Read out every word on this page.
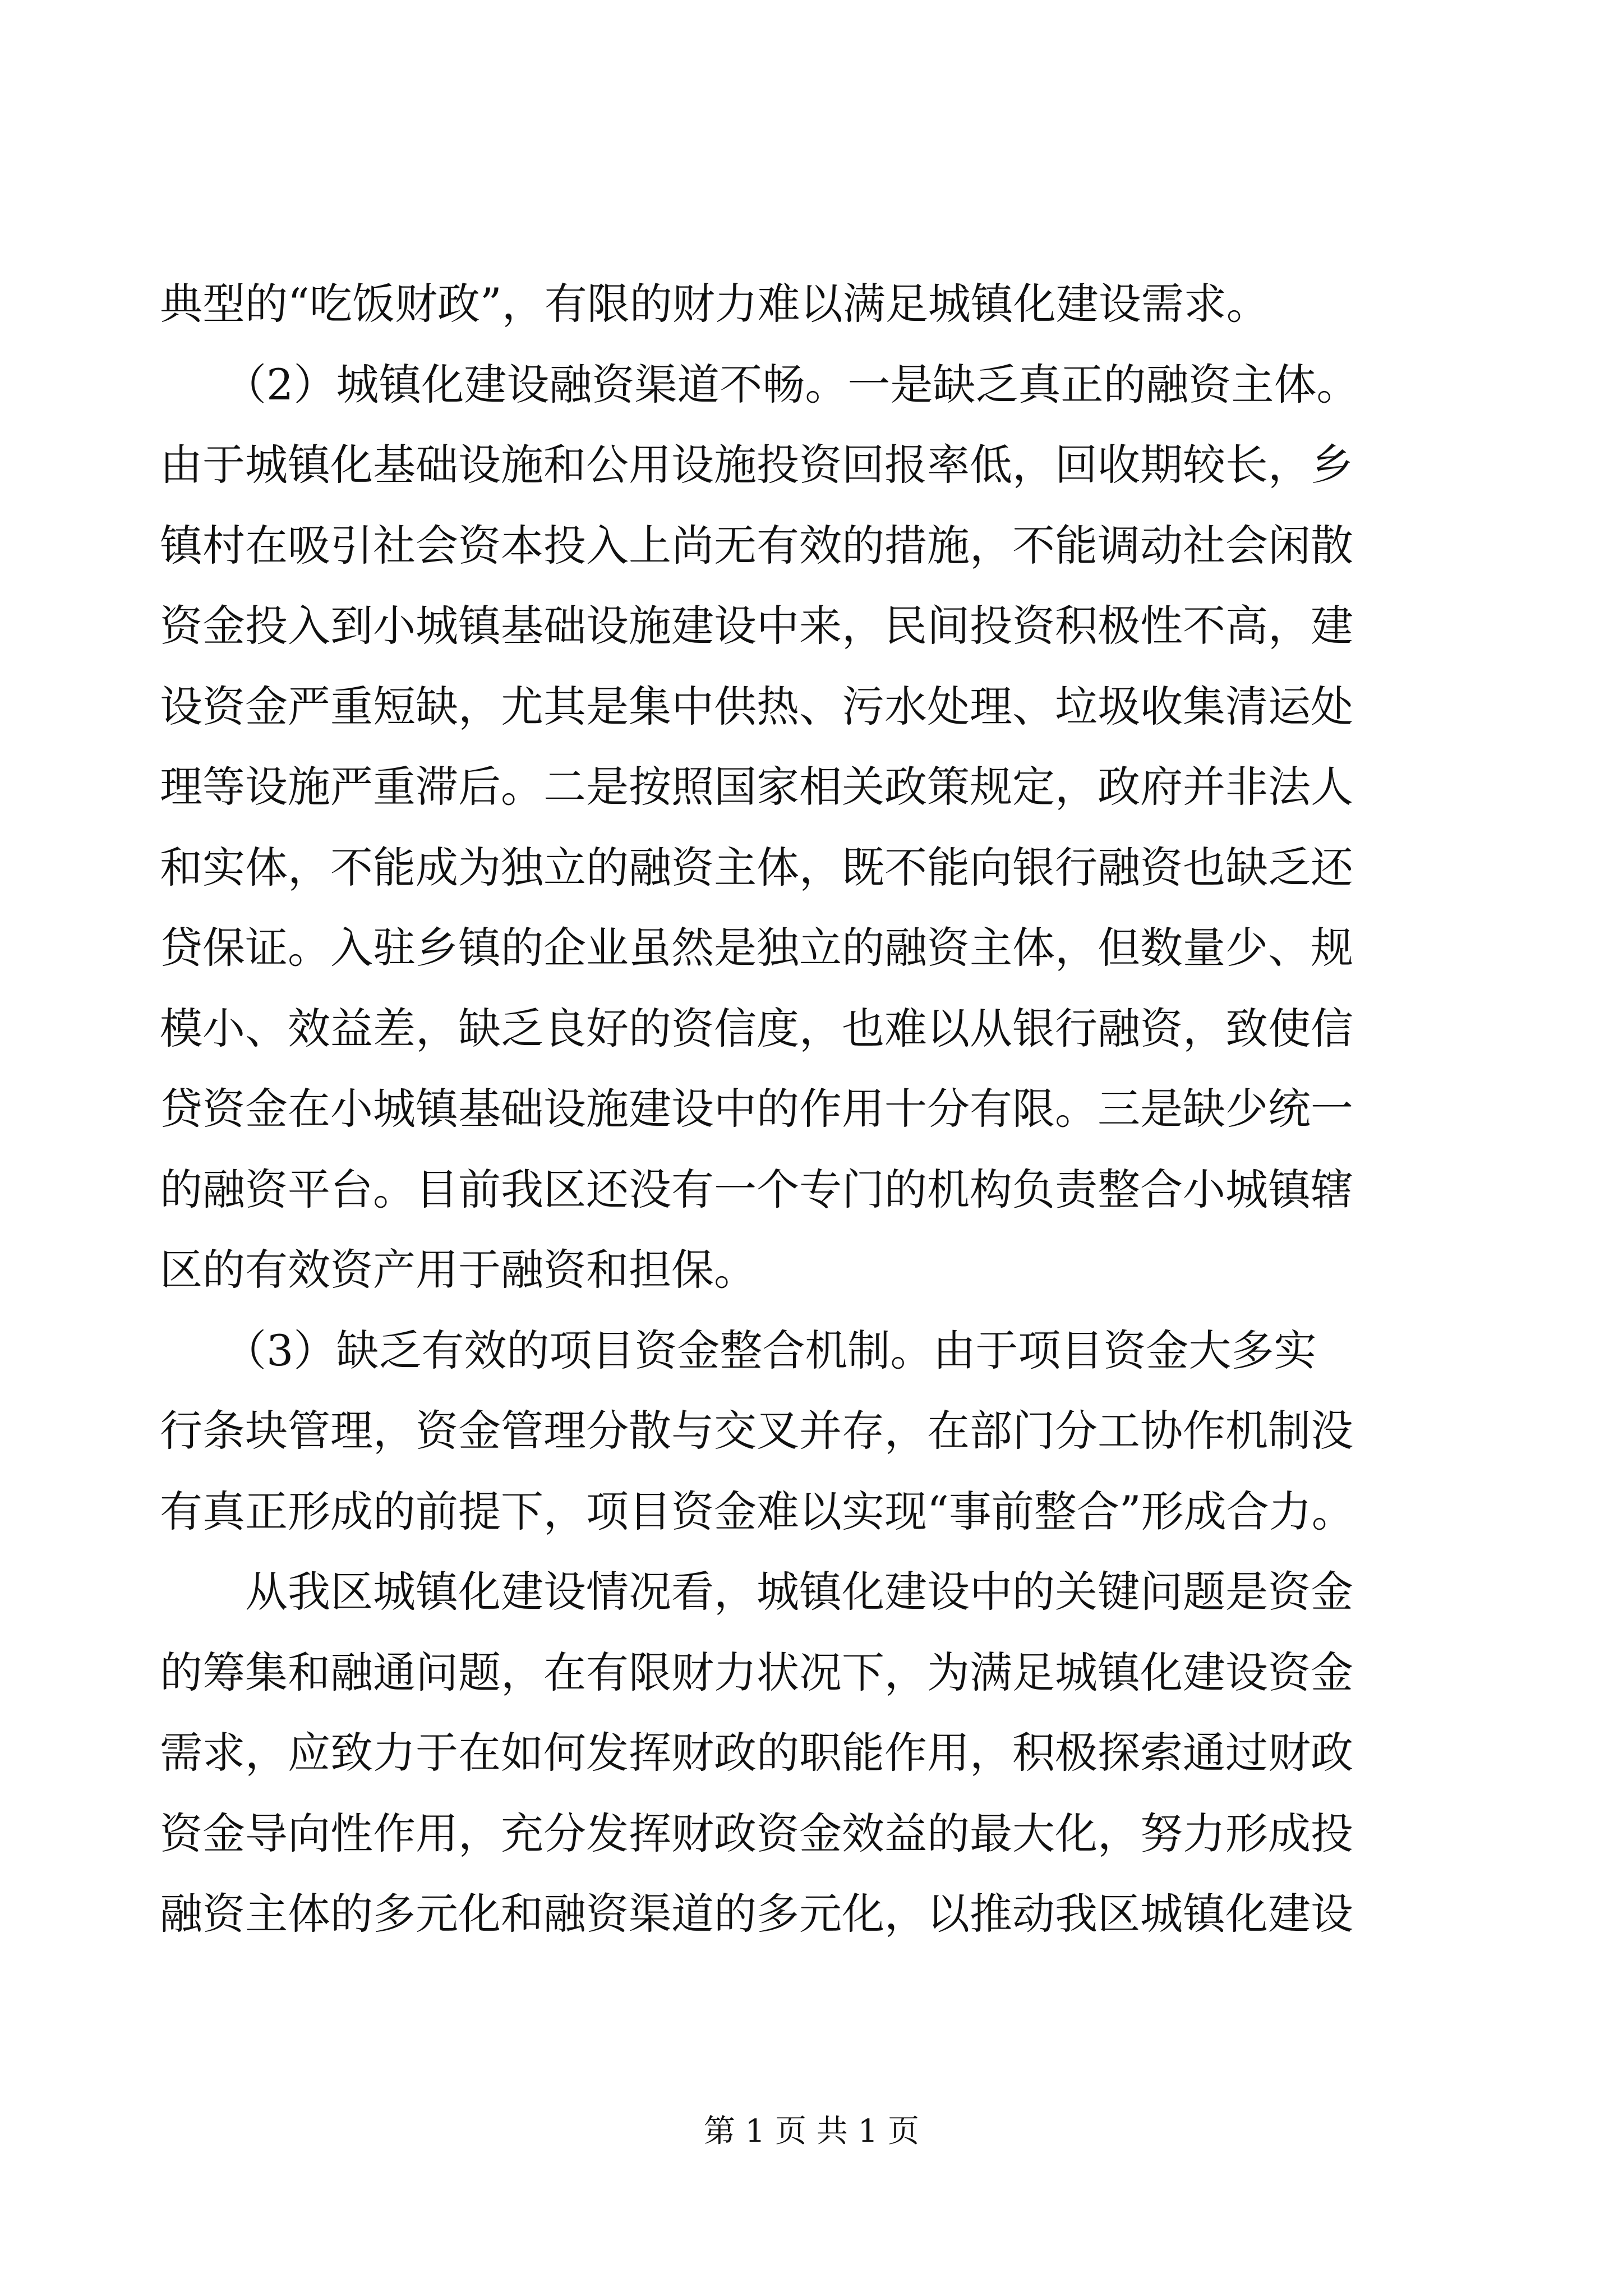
典型的“吃饭财政”，有限的财力难以满足城镇化建设需求。
　　（2）城镇化建设融资渠道不畅。一是缺乏真正的融资主体。
由于城镇化基础设施和公用设施投资回报率低，回收期较长，乡
镇村在吸引社会资本投入上尚无有效的措施，不能调动社会闲散
资金投入到小城镇基础设施建设中来，民间投资积极性不高，建
设资金严重短缺，尤其是集中供热、污水处理、垃圾收集清运处
理等设施严重滞后。二是按照国家相关政策规定，政府并非法人
和实体，不能成为独立的融资主体，既不能向银行融资也缺乏还
贷保证。入驻乡镇的企业虽然是独立的融资主体，但数量少、规
模小、效益差，缺乏良好的资信度，也难以从银行融资，致使信
贷资金在小城镇基础设施建设中的作用十分有限。三是缺少统一
的融资平台。目前我区还没有一个专门的机构负责整合小城镇辖
区的有效资产用于融资和担保。
　　（3）缺乏有效的项目资金整合机制。由于项目资金大多实
行条块管理，资金管理分散与交叉并存，在部门分工协作机制没
有真正形成的前提下，项目资金难以实现“事前整合”形成合力。
　　从我区城镇化建设情况看，城镇化建设中的关键问题是资金
的筹集和融通问题，在有限财力状况下，为满足城镇化建设资金
需求，应致力于在如何发挥财政的职能作用，积极探索通过财政
资金导向性作用，充分发挥财政资金效益的最大化，努力形成投
融资主体的多元化和融资渠道的多元化，以推动我区城镇化建设
第 1 页 共 1 页
